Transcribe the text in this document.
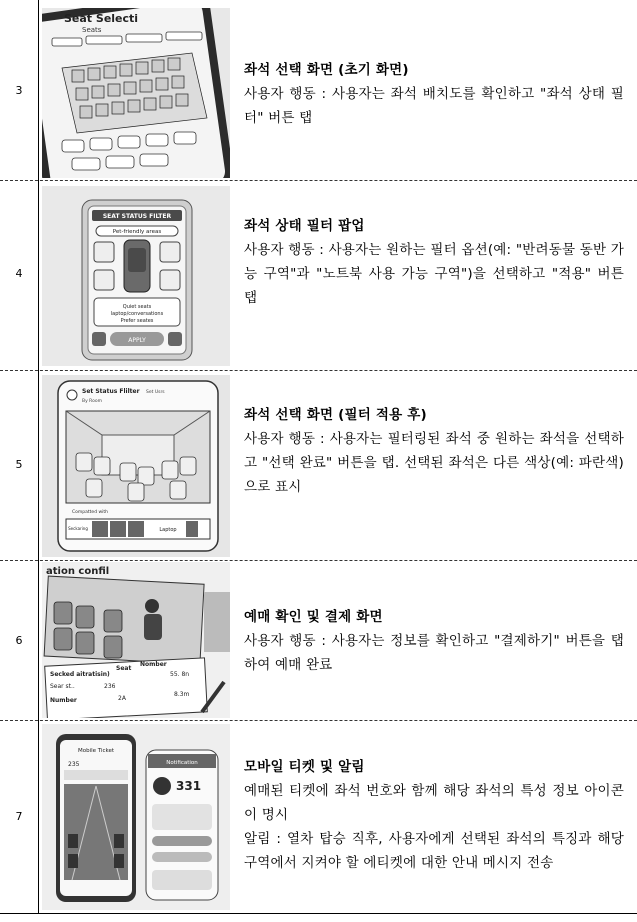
3
Seat Selecti
Seats
좌석 선택 화면 (초기 화면)
사용자 행동 : 사용자는 좌석 배치도를 확인하고 "좌석 상태 필터" 버튼 탭
4
SEAT STATUS FILTER
Pet-friendly areas
Quiet seats
laptop/conversations
Prefer seates
APPLY
좌석 상태 필터 팝업
사용자 행동 : 사용자는 원하는 필터 옵션(예: "반려동물 동반 가능 구역"과 "노트북 사용 가능 구역")을 선택하고 "적용" 버튼 탭
5
Set Status Flilter Set Usrs
By Room
Compatted with
Seckaring	Laptop
좌석 선택 화면 (필터 적용 후)
사용자 행동 : 사용자는 필터링된 좌석 중 원하는 좌석을 선택하고 "선택 완료" 버튼을 탭. 선택된 좌석은 다른 색상(예: 파란색)으로 표시
6
ation confil
Secked aitratisin)
Sear st..
Number
Seat
Nomber
236
2A
55. 8n
8.3m
예매 확인 및 결제 화면
사용자 행동 : 사용자는 정보를 확인하고 "결제하기" 버튼을 탭하여 예매 완료
7
Mobile Ticket
235	Notification
331
모바일 티켓 및 알림
예매된 티켓에 좌석 번호와 함께 해당 좌석의 특성 정보 아이콘이 명시
알림 : 열차 탑승 직후, 사용자에게 선택된 좌석의 특징과 해당 구역에서 지켜야 할 에티켓에 대한 안내 메시지 전송
